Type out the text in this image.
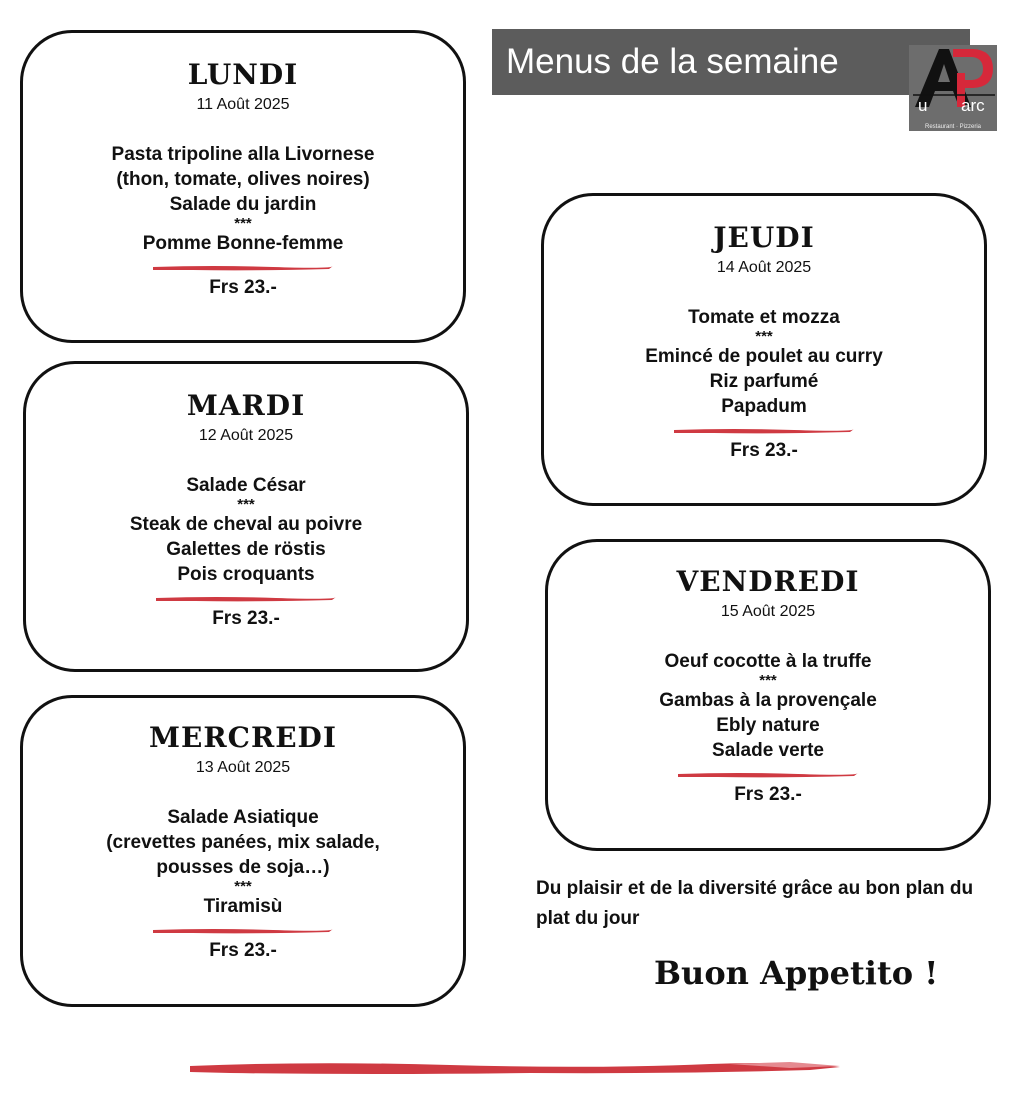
Menus de la semaine
u arc
Restaurant · Pizzeria
LUNDI
11 Août 2025
Pasta tripoline alla Livornese
(thon, tomate, olives noires)
Salade du jardin
***
Pomme Bonne-femme
Frs 23.-
MARDI
12 Août 2025
Salade César
***
Steak de cheval au poivre
Galettes de röstis
Pois croquants
Frs 23.-
MERCREDI
13 Août 2025
Salade Asiatique
(crevettes panées, mix salade,
pousses de soja…)
***
Tiramisù
Frs 23.-
JEUDI
14 Août 2025
Tomate et mozza
***
Emincé de poulet au curry
Riz parfumé
Papadum
Frs 23.-
VENDREDI
15 Août 2025
Oeuf cocotte à la truffe
***
Gambas à la provençale
Ebly nature
Salade verte
Frs 23.-
Du plaisir et de la diversité grâce au bon plan du plat du jour
Buon Appetito !
